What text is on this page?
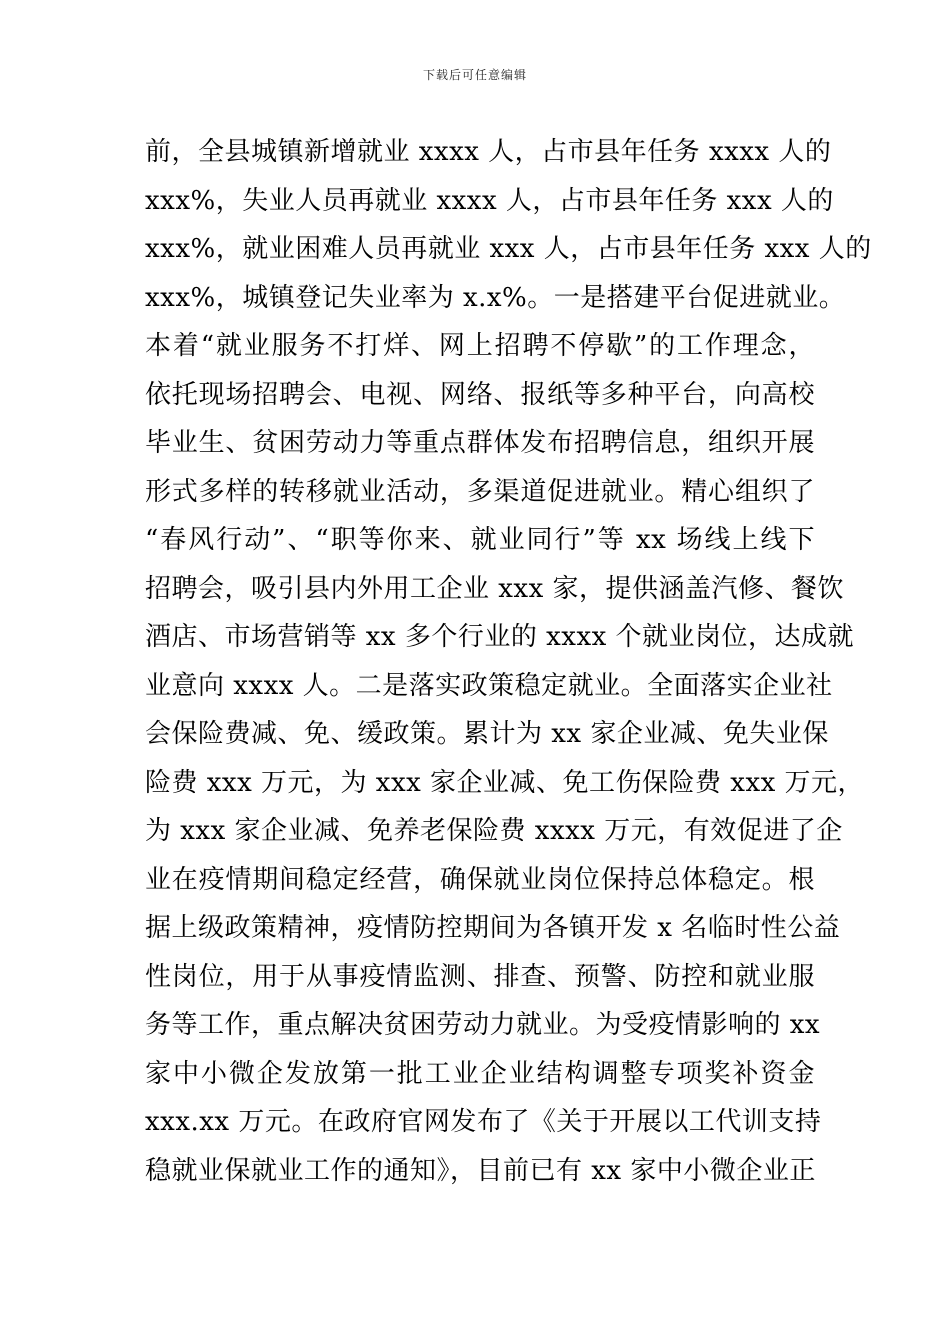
下载后可任意编辑
前，全县城镇新增就业 xxxx 人，占市县年任务 xxxx 人的
xxx%，失业人员再就业 xxxx 人，占市县年任务 xxx 人的
xxx%，就业困难人员再就业 xxx 人，占市县年任务 xxx 人的
xxx%，城镇登记失业率为 x.x%。一是搭建平台促进就业。
本着“就业服务不打烊、网上招聘不停歇”的工作理念，
依托现场招聘会、电视、网络、报纸等多种平台，向高校
毕业生、贫困劳动力等重点群体发布招聘信息，组织开展
形式多样的转移就业活动，多渠道促进就业。精心组织了
“春风行动”、“职等你来、就业同行”等 xx 场线上线下
招聘会，吸引县内外用工企业 xxx 家，提供涵盖汽修、餐饮
酒店、市场营销等 xx 多个行业的 xxxx 个就业岗位，达成就
业意向 xxxx 人。二是落实政策稳定就业。全面落实企业社
会保险费减、免、缓政策。累计为 xx 家企业减、免失业保
险费 xxx 万元，为 xxx 家企业减、免工伤保险费 xxx 万元，
为 xxx 家企业减、免养老保险费 xxxx 万元，有效促进了企
业在疫情期间稳定经营，确保就业岗位保持总体稳定。根
据上级政策精神，疫情防控期间为各镇开发 x 名临时性公益
性岗位，用于从事疫情监测、排查、预警、防控和就业服
务等工作，重点解决贫困劳动力就业。为受疫情影响的 xx
家中小微企发放第一批工业企业结构调整专项奖补资金
xxx.xx 万元。在政府官网发布了《关于开展以工代训支持
稳就业保就业工作的通知》，目前已有 xx 家中小微企业正
